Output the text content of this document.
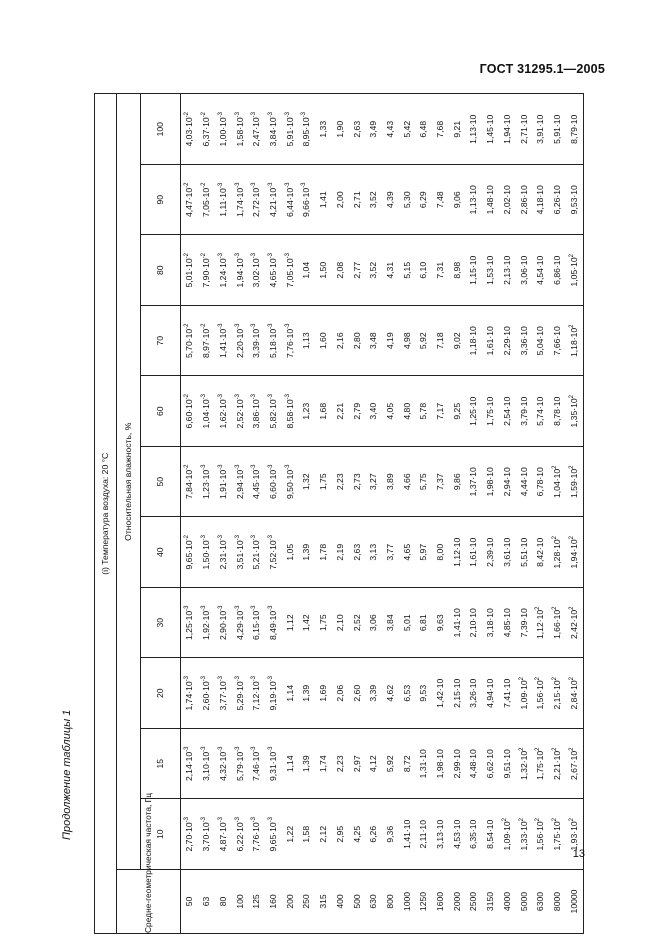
ГОСТ 31295.1—2005
Продолжение таблицы 1
(i) Температура воздуха: 20 °С											
Средне-геометрическая частота, Гц	Относительная влажность, %										
	10	15	20	30	40	50	60	70	80	90	100
50	$2,70\cdot 10^{-3}$	$2,14\cdot 10^{-3}$	$1,74\cdot 10^{-3}$	$1,25\cdot 10^{-3}$	$9,65\cdot 10^{-2}$	$7,84\cdot 10^{-2}$	$6,60\cdot 10^{-2}$	$5,70\cdot 10^{-2}$	$5,01\cdot 10^{-2}$	$4,47\cdot 10^{-2}$	$4,03\cdot 10^{-2}$
63	$3,70\cdot 10^{-3}$	$3,10\cdot 10^{-3}$	$2,60\cdot 10^{-3}$	$1,92\cdot 10^{-3}$	$1,50\cdot 10^{-3}$	$1,23\cdot 10^{-3}$	$1,04\cdot 10^{-3}$	$8,97\cdot 10^{-2}$	$7,90\cdot 10^{-2}$	$7,05\cdot 10^{-2}$	$6,37\cdot 10^{-2}$
80	$4,87\cdot 10^{-3}$	$4,32\cdot 10^{-3}$	$3,77\cdot 10^{-3}$	$2,90\cdot 10^{-3}$	$2,31\cdot 10^{-3}$	$1,91\cdot 10^{-3}$	$1,62\cdot 10^{-3}$	$1,41\cdot 10^{-3}$	$1,24\cdot 10^{-3}$	$1,11\cdot 10^{-3}$	$1,00\cdot 10^{-3}$
100	$6,22\cdot 10^{-3}$	$5,79\cdot 10^{-3}$	$5,29\cdot 10^{-3}$	$4,29\cdot 10^{-3}$	$3,51\cdot 10^{-3}$	$2,94\cdot 10^{-3}$	$2,52\cdot 10^{-3}$	$2,20\cdot 10^{-3}$	$1,94\cdot 10^{-3}$	$1,74\cdot 10^{-3}$	$1,58\cdot 10^{-3}$
125	$7,76\cdot 10^{-3}$	$7,46\cdot 10^{-3}$	$7,12\cdot 10^{-3}$	$6,15\cdot 10^{-3}$	$5,21\cdot 10^{-3}$	$4,45\cdot 10^{-3}$	$3,86\cdot 10^{-3}$	$3,39\cdot 10^{-3}$	$3,02\cdot 10^{-3}$	$2,72\cdot 10^{-3}$	$2,47\cdot 10^{-3}$
160	$9,65\cdot 10^{-3}$	$9,31\cdot 10^{-3}$	$9,19\cdot 10^{-3}$	$8,49\cdot 10^{-3}$	$7,52\cdot 10^{-3}$	$6,60\cdot 10^{-3}$	$5,82\cdot 10^{-3}$	$5,18\cdot 10^{-3}$	$4,65\cdot 10^{-3}$	$4,21\cdot 10^{-3}$	$3,84\cdot 10^{-3}$
200	1,22	1,14	1,14	1,12	1,05	$9,50\cdot 10^{-3}$	$8,58\cdot 10^{-3}$	$7,76\cdot 10^{-3}$	$7,05\cdot 10^{-3}$	$6,44\cdot 10^{-3}$	$5,91\cdot 10^{-3}$
250	1,58	1,39	1,39	1,42	1,39	1,32	1,23	1,13	1,04	$9,66\cdot 10^{-3}$	$8,95\cdot 10^{-3}$
315	2,12	1,74	1,69	1,75	1,78	1,75	1,68	1,60	1,50	1,41	1,33
400	2,95	2,23	2,06	2,10	2,19	2,23	2,21	2,16	2,08	2,00	1,90
500	4,25	2,97	2,60	2,52	2,63	2,73	2,79	2,80	2,77	2,71	2,63
630	6,26	4,12	3,39	3,06	3,13	3,27	3,40	3,48	3,52	3,52	3,49
800	9,36	5,92	4,62	3,84	3,77	3,89	4,05	4,19	4,31	4,39	4,43
1000	1,41·10	8,72	6,53	5,01	4,65	4,66	4,80	4,98	5,15	5,30	5,42
1250	2,11·10	1,31·10	9,53	6,81	5,97	5,75	5,78	5,92	6,10	6,29	6,48
1600	3,13·10	1,98·10	1,42·10	9,63	8,00	7,37	7,17	7,18	7,31	7,48	7,68
2000	4,53·10	2,99·10	2,15·10	1,41·10	1,12·10	9,86	9,25	9,02	8,98	9,06	9,21
2500	6,35·10	4,48·10	3,26·10	2,10·10	1,61·10	1,37·10	1,25·10	1,18·10	1,15·10	1,13·10	1,13·10
3150	8,54·10	6,62·10	4,94·10	3,18·10	2,39·10	1,98·10	1,75·10	1,61·10	1,53·10	1,48·10	1,45·10
4000	$1,09\cdot 10^2$	9,51·10	7,41·10	4,85·10	3,61·10	2,94·10	2,54·10	2,29·10	2,13·10	2,02·10	1,94·10
5000	$1,33\cdot 10^2$	$1,32\cdot 10^2$	$1,09\cdot 10^2$	7,39·10	5,51·10	4,44·10	3,79·10	3,36·10	3,06·10	2,86·10	2,71·10
6300	$1,56\cdot 10^2$	$1,75\cdot 10^2$	$1,56\cdot 10^2$	$1,12\cdot 10^2$	8,42·10	6,78·10	5,74·10	5,04·10	4,54·10	4,18·10	3,91·10
8000	$1,75\cdot 10^2$	$2,21\cdot 10^2$	$2,15\cdot 10^2$	$1,66\cdot 10^2$	$1,28\cdot 10^2$	$1,04\cdot 10^2$	8,78·10	7,66·10	6,86·10	6,26·10	5,91·10
10000	$1,93\cdot 10^2$	$2,67\cdot 10^2$	$2,84\cdot 10^2$	$2,42\cdot 10^2$	$1,94\cdot 10^2$	$1,59\cdot 10^2$	$1,35\cdot 10^2$	$1,18\cdot 10^2$	$1,05\cdot 10^2$	9,53·10	8,79·10
13
